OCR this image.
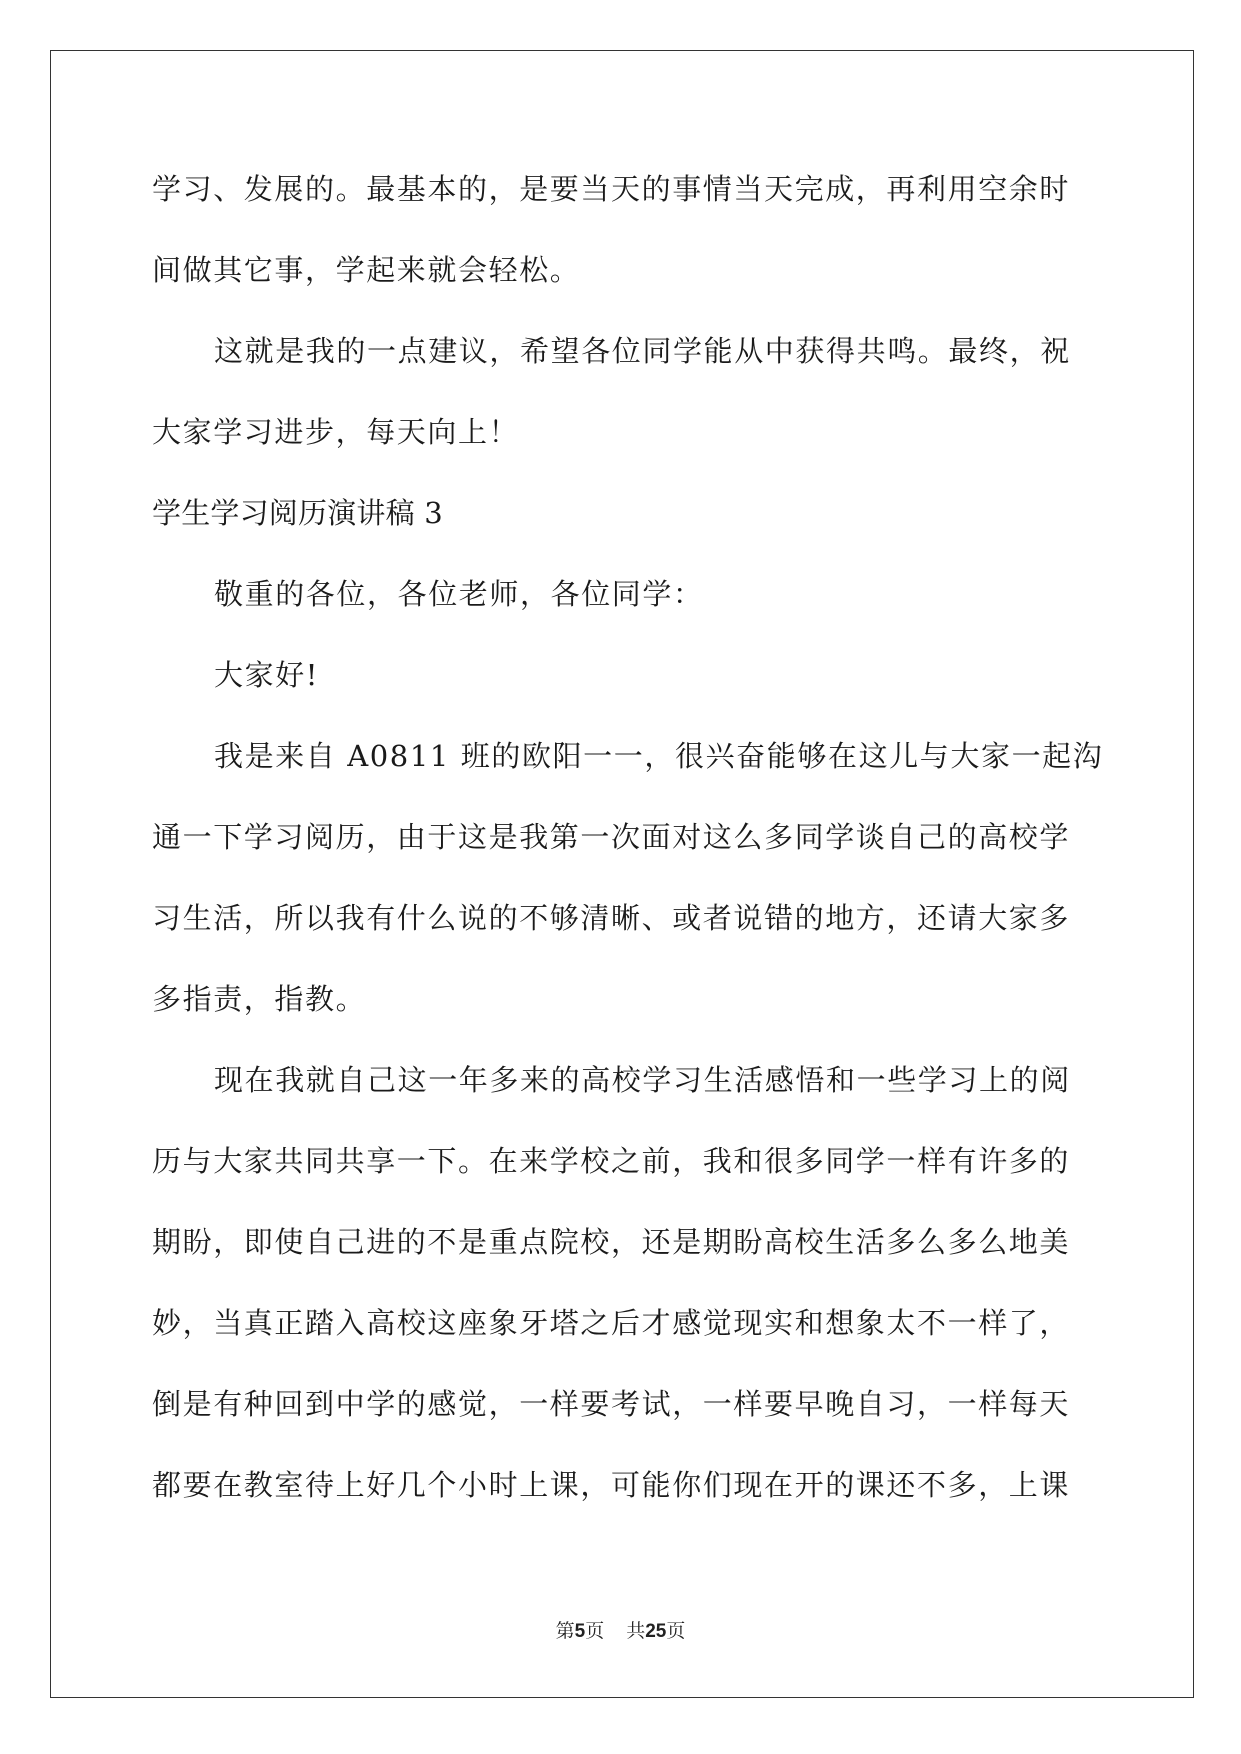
学习、发展的。最基本的，是要当天的事情当天完成，再利用空余时
间做其它事，学起来就会轻松。
这就是我的一点建议，希望各位同学能从中获得共鸣。最终，祝
大家学习进步，每天向上！
学生学习阅历演讲稿 3
敬重的各位，各位老师，各位同学：
大家好!
我是来自 A0811 班的欧阳一一，很兴奋能够在这儿与大家一起沟
通一下学习阅历，由于这是我第一次面对这么多同学谈自己的高校学
习生活，所以我有什么说的不够清晰、或者说错的地方，还请大家多
多指责，指教。
现在我就自己这一年多来的高校学习生活感悟和一些学习上的阅
历与大家共同共享一下。在来学校之前，我和很多同学一样有许多的
期盼，即使自己进的不是重点院校，还是期盼高校生活多么多么地美
妙，当真正踏入高校这座象牙塔之后才感觉现实和想象太不一样了，
倒是有种回到中学的感觉，一样要考试，一样要早晚自习，一样每天
都要在教室待上好几个小时上课，可能你们现在开的课还不多，上课
第5页 共25页
